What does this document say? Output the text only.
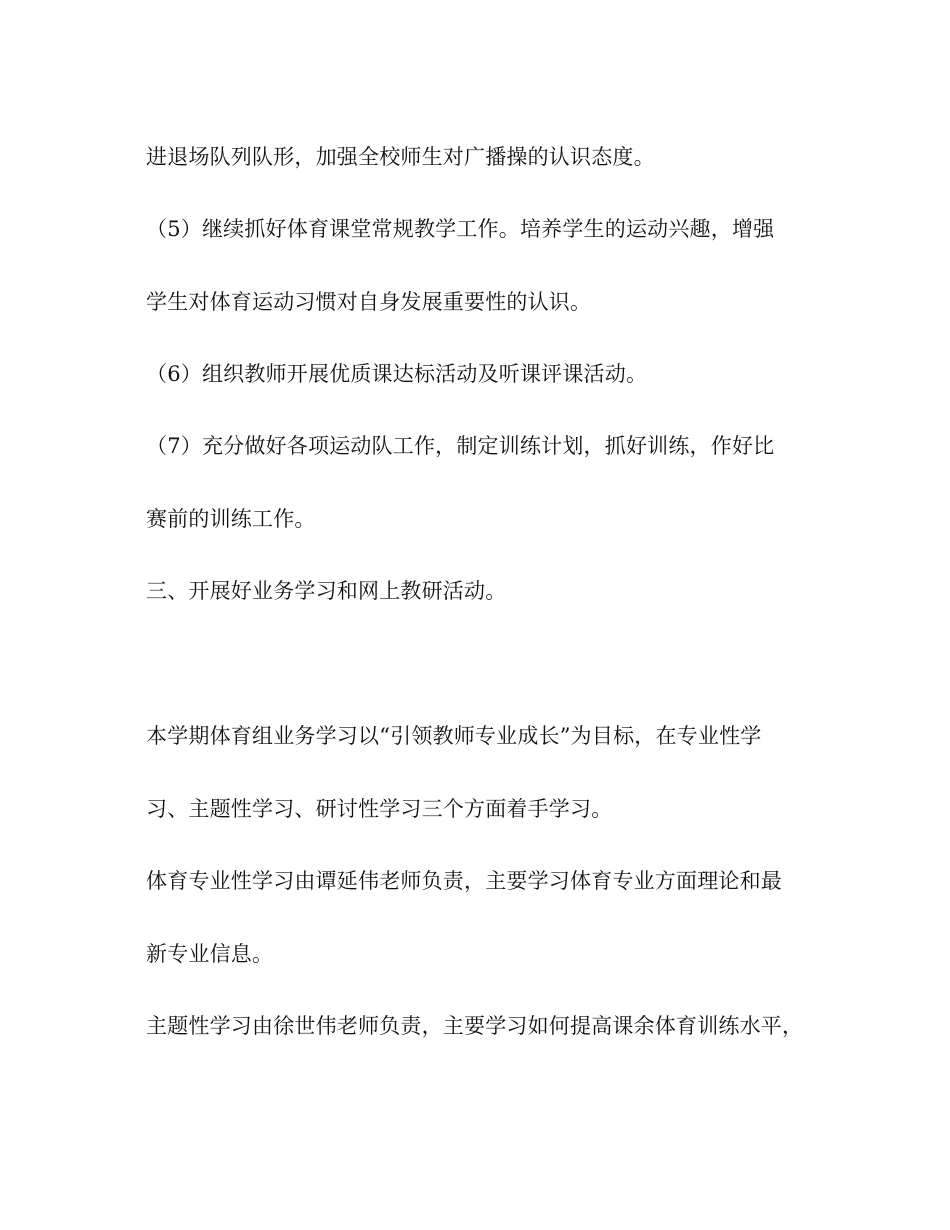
进退场队列队形，加强全校师生对广播操的认识态度。
（5）继续抓好体育课堂常规教学工作。培养学生的运动兴趣，增强
学生对体育运动习惯对自身发展重要性的认识。
（6）组织教师开展优质课达标活动及听课评课活动。
（7）充分做好各项运动队工作，制定训练计划，抓好训练，作好比
赛前的训练工作。
三、开展好业务学习和网上教研活动。
本学期体育组业务学习以“引领教师专业成长”为目标，在专业性学
习、主题性学习、研讨性学习三个方面着手学习。
体育专业性学习由谭延伟老师负责，主要学习体育专业方面理论和最
新专业信息。
主题性学习由徐世伟老师负责，主要学习如何提高课余体育训练水平，
